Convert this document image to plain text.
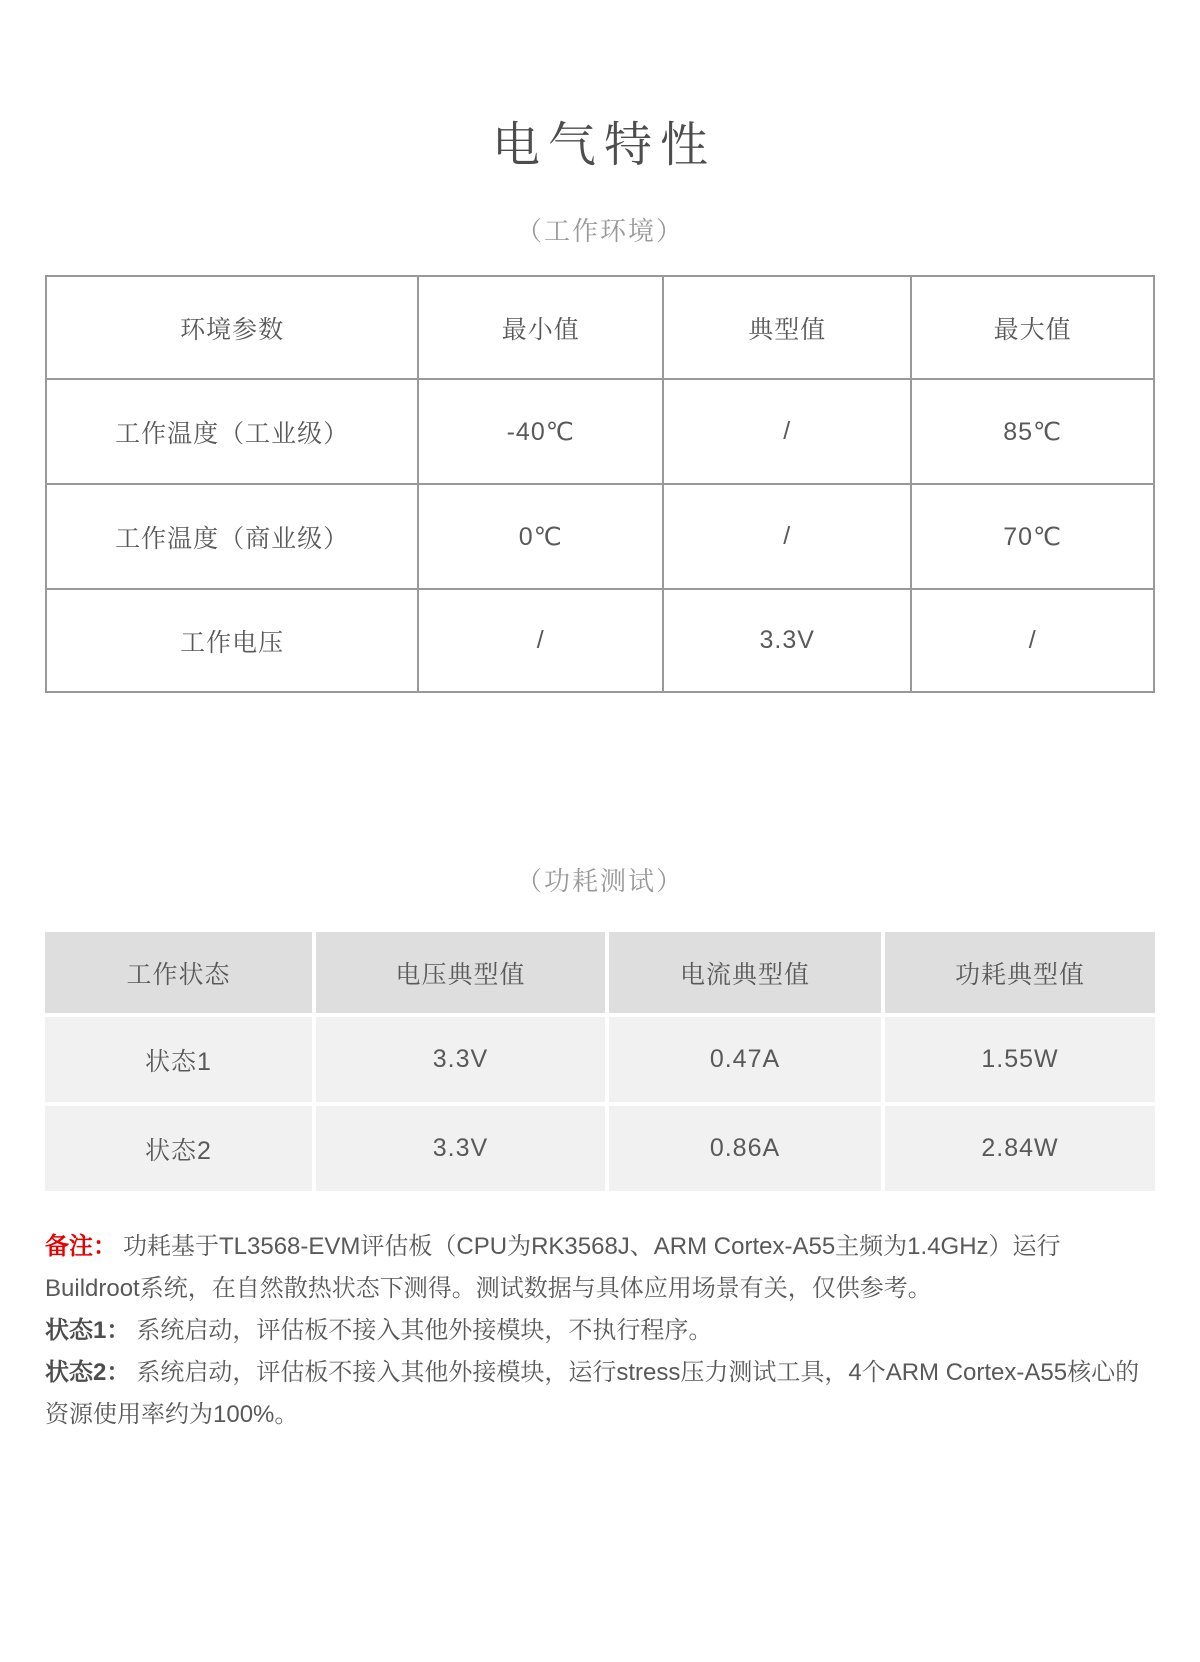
电气特性
（工作环境）
环境参数	最小值	典型值	最大值
工作温度（工业级）	-40℃	/	85℃
工作温度（商业级）	0℃	/	70℃
工作电压	/	3.3V	/
（功耗测试）
工作状态	电压典型值	电流典型值	功耗典型值
状态1	3.3V	0.47A	1.55W
状态2	3.3V	0.86A	2.84W

备注： 功耗基于TL3568-EVM评估板（CPU为RK3568J、ARM Cortex-A55主频为1.4GHz）运行Buildroot系统，在自然散热状态下测得。测试数据与具体应用场景有关，仅供参考。

状态1： 系统启动，评估板不接入其他外接模块，不执行程序。

状态2： 系统启动，评估板不接入其他外接模块，运行stress压力测试工具，4个ARM Cortex-A55核心的资源使用率约为100%。
